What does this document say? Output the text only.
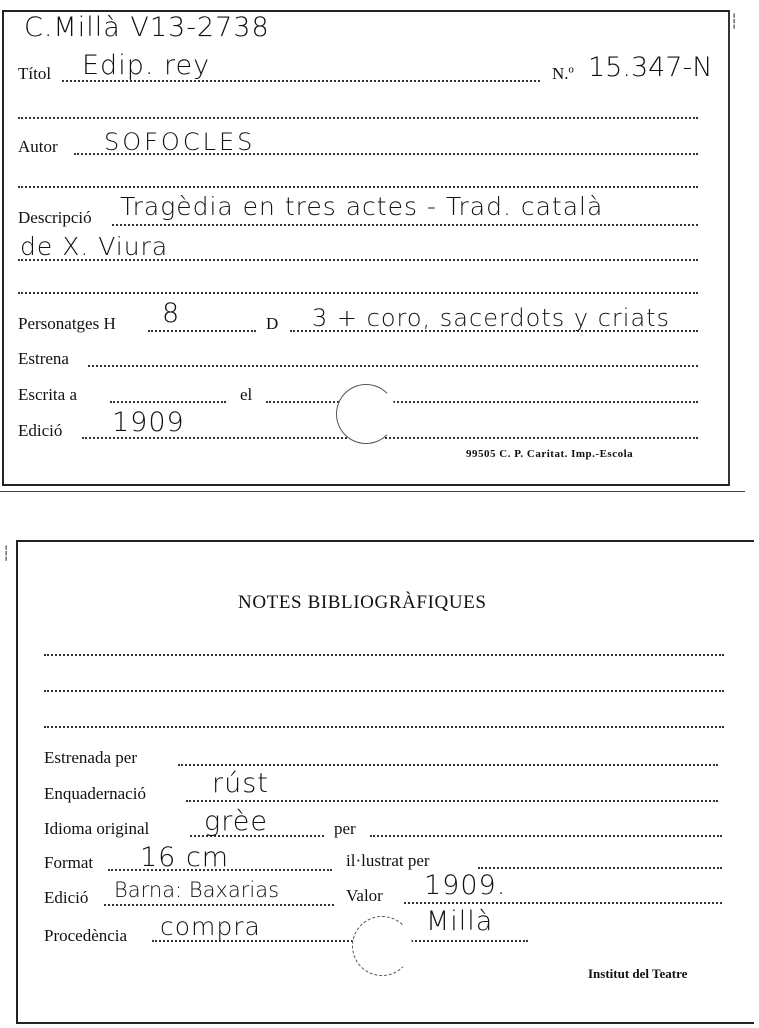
C.Millà V13-2738
Títol Edip. rey	N.º 15.347-N
Autor SOFOCLES
Descripció Tragèdia en tres actes - Trad. català
de X. Viura
Personatges H 8	D 3 + coro, sacerdots y criats
Estrena
Escrita a	el
Edició 1909
99505 C. P. Caritat. Imp.-Escola
┆
┆
NOTES BIBLIOGRÀFIQUES
Estrenada per
Enquadernació rúst
Idioma original grèe	per
Format 16 cm	il·lustrat per
Edició Barna: Baxarias	Valor 1909.
Procedència compra	Millà
Institut del Teatre
